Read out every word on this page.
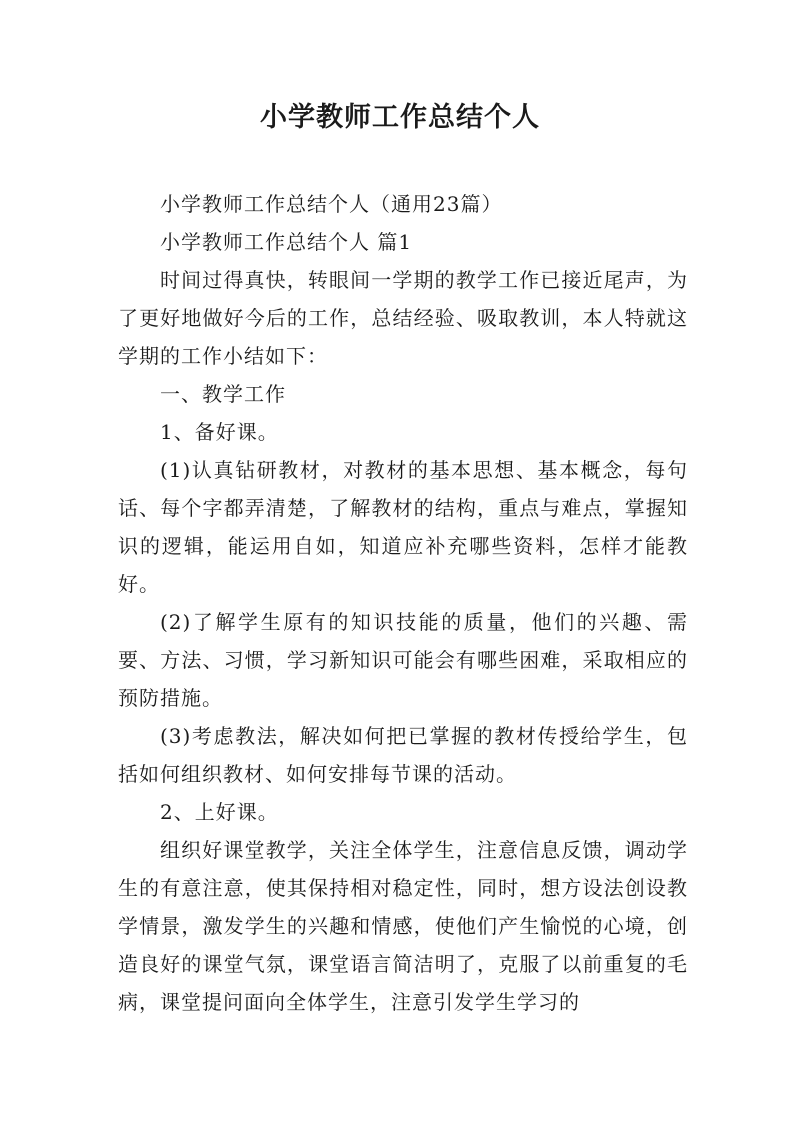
小学教师工作总结个人

小学教师工作总结个人（通用23篇）

小学教师工作总结个人 篇1

时间过得真快，转眼间一学期的教学工作已接近尾声，为了更好地做好今后的工作，总结经验、吸取教训，本人特就这学期的工作小结如下：

一、教学工作

1、备好课。

(1)认真钻研教材，对教材的基本思想、基本概念，每句话、每个字都弄清楚，了解教材的结构，重点与难点，掌握知识的逻辑，能运用自如，知道应补充哪些资料，怎样才能教好。

(2)了解学生原有的知识技能的质量，他们的兴趣、需要、方法、习惯，学习新知识可能会有哪些困难，采取相应的预防措施。

(3)考虑教法，解决如何把已掌握的教材传授给学生，包括如何组织教材、如何安排每节课的活动。

2、上好课。

组织好课堂教学，关注全体学生，注意信息反馈，调动学生的有意注意，使其保持相对稳定性，同时，想方设法创设教学情景，激发学生的兴趣和情感，使他们产生愉悦的心境，创造良好的课堂气氛，课堂语言简洁明了，克服了以前重复的毛病，课堂提问面向全体学生，注意引发学生学习的
